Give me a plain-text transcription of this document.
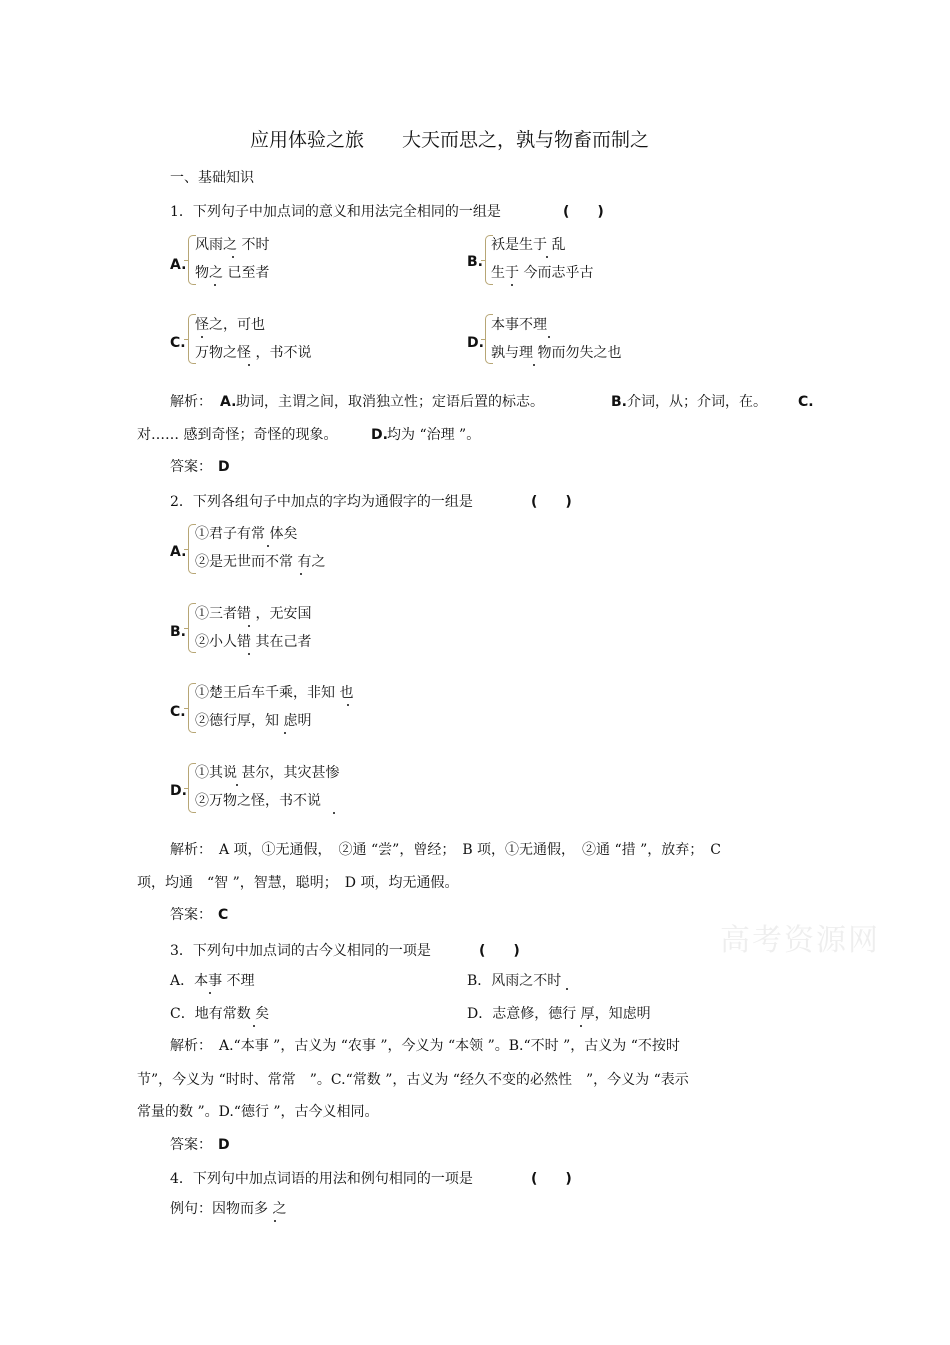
应用体验之旅　　大天而思之，孰与物畜而制之
一、基础知识
1．下列句子中加点词的意义和用法完全相同的一组是	(　　)
A.
风雨之 不时
物之 已至者
B.
袄是生于 乱
生于 今而志乎古
C.
怪之，可也
万物之怪 ，书不说
D.
本事不理
孰与理 物而勿失之也
解析： A. 助词，主谓之间，取消独立性；定语后置的标志。	B. 介词，从；介词，在。 C.
对…… 感到奇怪；奇怪的现象。 D. 均为 “治理 ”。
答案： D
2．下列各组句子中加点的字均为通假字的一组是	(　　)
A.
①君子有常 体矣
②是无世而不常 有之
B.
①三者错 ，无安国
②小人错 其在己者
C.
①楚王后车千乘，非知 也
②德行厚，知 虑明
D.
①其说 甚尔，其灾甚惨
②万物之怪，书不说
解析：　A 项，①无通假，　②通 “尝”，曾经；　B 项，①无通假，　②通 “措 ”，放弃；　C
项，均通　“智 ”，智慧，聪明；　D 项，均无通假。
答案： C
高考资源网
3．下列句中加点词的古今义相同的一项是	(　　)
A．本事 不理	B．风雨之不时
C．地有常数 矣	D．志意修，德行 厚，知虑明
解析：　A.“本事 ”，古义为 “农事 ”，今义为 “本领 ”。B.“不时 ”，古义为 “不按时
节”，今义为 “时时、常常　”。C.“常数 ”，古义为 “经久不变的必然性　”，今义为 “表示
常量的数 ”。D.“德行 ”，古今义相同。
答案： D
4．下列句中加点词语的用法和例句相同的一项是	(　　)
例句：因物而多 之
